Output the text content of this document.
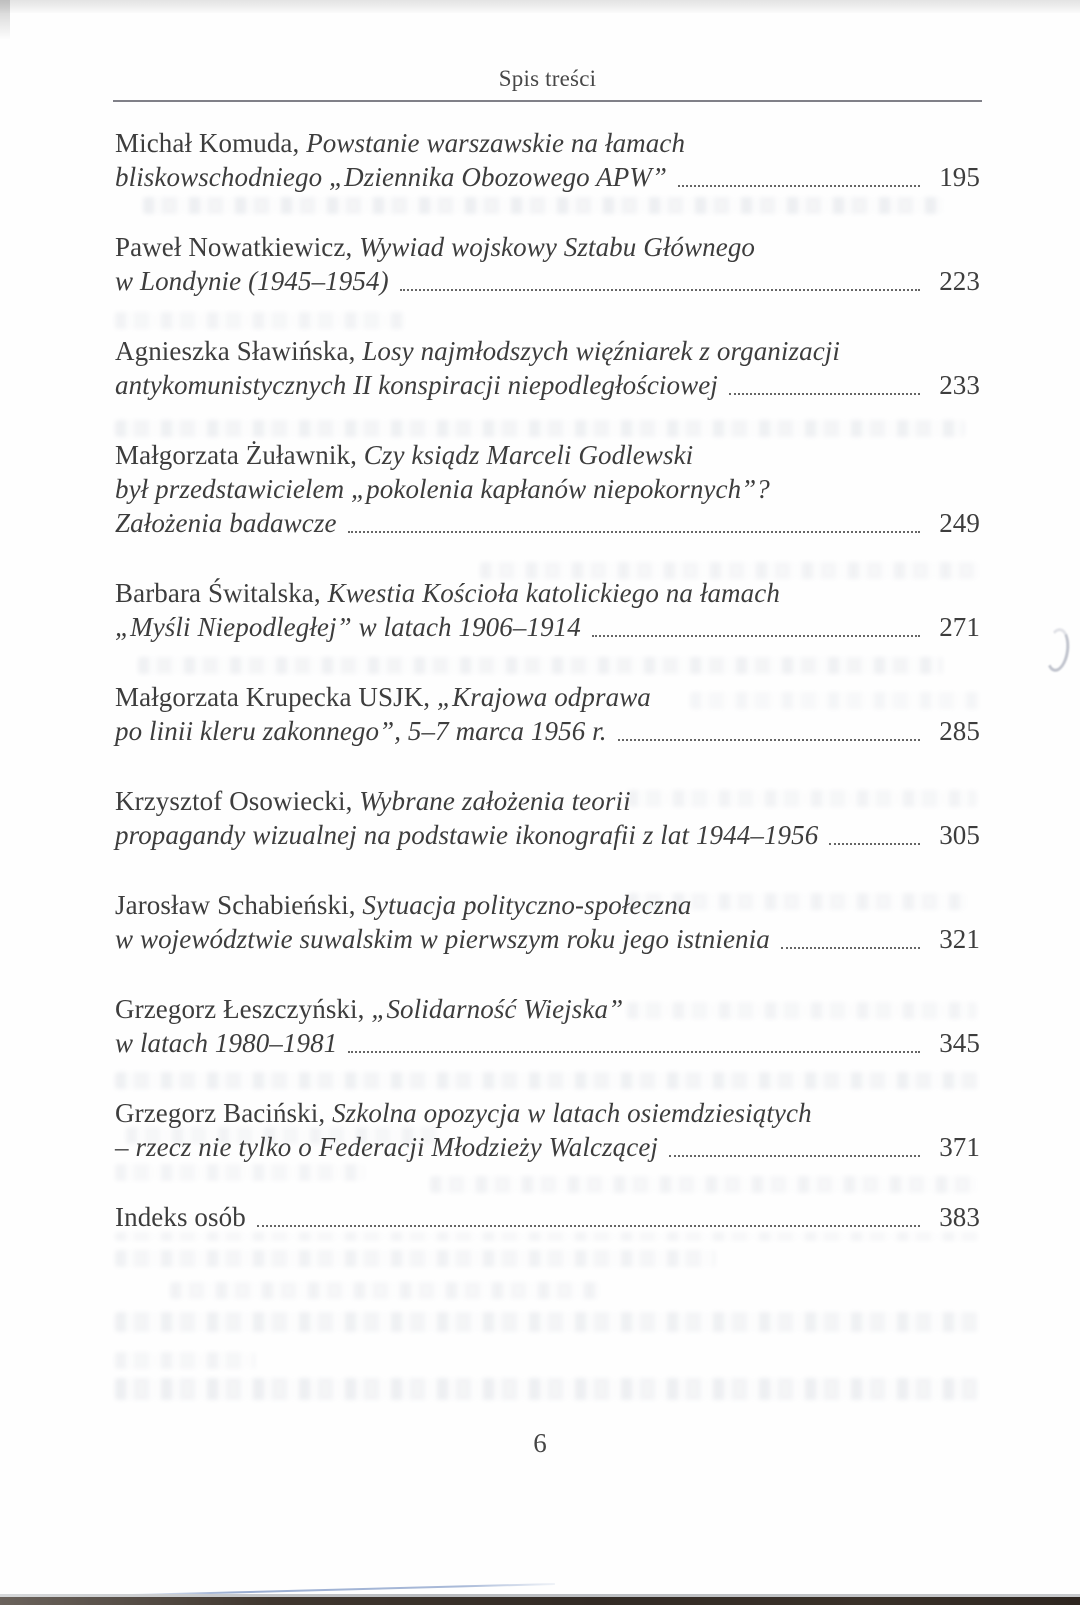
Spis treści
Michał Komuda, Powstanie warszawskie na łamach
bliskowschodniego „Dziennika Obozowego APW”	195
Paweł Nowatkiewicz, Wywiad wojskowy Sztabu Głównego
w Londynie (1945–1954)	223
Agnieszka Sławińska, Losy najmłodszych więźniarek z organizacji
antykomunistycznych II konspiracji niepodległościowej	233
Małgorzata Żuławnik, Czy ksiądz Marceli Godlewski
był przedstawicielem „pokolenia kapłanów niepokornych”?
Założenia badawcze	249
Barbara Świtalska, Kwestia Kościoła katolickiego na łamach
„Myśli Niepodległej” w latach 1906–1914	271
Małgorzata Krupecka USJK, „Krajowa odprawa
po linii kleru zakonnego”, 5–7 marca 1956 r.	285
Krzysztof Osowiecki, Wybrane założenia teorii
propagandy wizualnej na podstawie ikonografii z lat 1944–1956	305
Jarosław Schabieński, Sytuacja polityczno-społeczna
w województwie suwalskim w pierwszym roku jego istnienia	321
Grzegorz Łeszczyński, „Solidarność Wiejska”
w latach 1980–1981	345
Grzegorz Baciński, Szkolna opozycja w latach osiemdziesiątych
– rzecz nie tylko o Federacji Młodzieży Walczącej	371
Indeks osób	383
6
